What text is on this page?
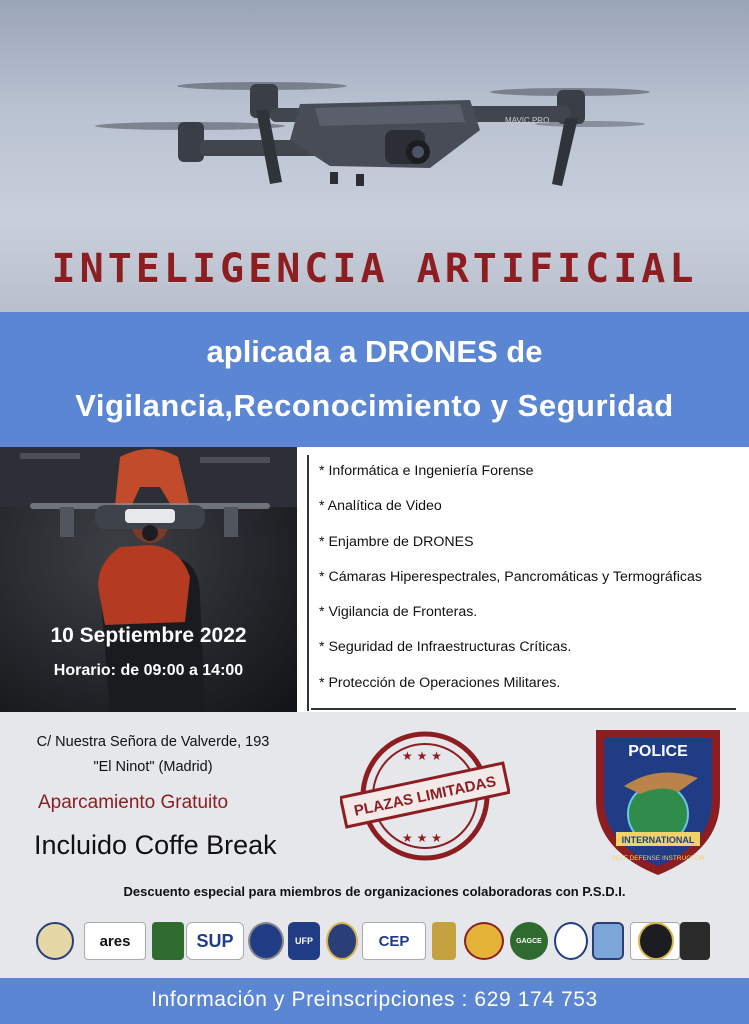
MAVIC PRO
INTELIGENCIA ARTIFICIAL
aplicada a DRONES de
Vigilancia,Reconocimiento y Seguridad
10 Septiembre 2022
Horario: de 09:00 a 14:00
* Informática e Ingeniería Forense
* Analítica de Video
* Enjambre de DRONES
* Cámaras Hiperespectrales, Pancromáticas y Termográficas
* Vigilancia de Fronteras.
* Seguridad de Infraestructuras Críticas.
* Protección de Operaciones Militares.
C/ Nuestra Señora de Valverde, 193
"El Ninot" (Madrid)
Aparcamiento Gratuito
Incluido Coffe Break
★ ★ ★
★ ★ ★
PLAZAS LIMITADAS
POLICE
INTERNATIONAL
SELF DEFENSE INSTRUCTOR
Descuento especial para miembros de organizaciones colaboradoras con P.S.D.I.
ares	SUP	UFP	CEP	GAGCE
Información y Preinscripciones : 629 174 753
